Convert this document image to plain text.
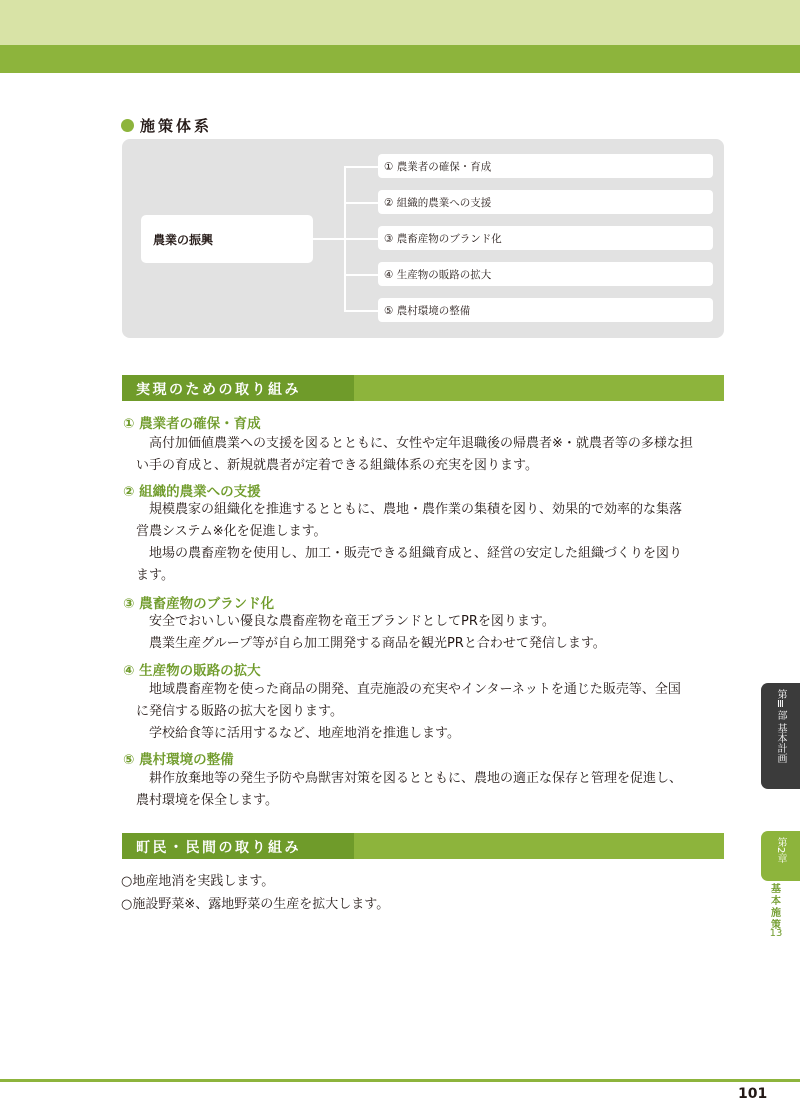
施策体系
農業の振興
① 農業者の確保・育成
② 組織的農業への支援
③ 農畜産物のブランド化
④ 生産物の販路の拡大
⑤ 農村環境の整備
実現のための取り組み
① 農業者の確保・育成
　高付加価値農業への支援を図るとともに、女性や定年退職後の帰農者※・就農者等の多様な担
い手の育成と、新規就農者が定着できる組織体系の充実を図ります。
② 組織的農業への支援
　規模農家の組織化を推進するとともに、農地・農作業の集積を図り、効果的で効率的な集落
営農システム※化を促進します。
　地場の農畜産物を使用し、加工・販売できる組織育成と、経営の安定した組織づくりを図り
ます。
③ 農畜産物のブランド化
　安全でおいしい優良な農畜産物を竜王ブランドとしてPRを図ります。
　農業生産グループ等が自ら加工開発する商品を観光PRと合わせて発信します。
④ 生産物の販路の拡大
　地域農畜産物を使った商品の開発、直売施設の充実やインターネットを通じた販売等、全国
に発信する販路の拡大を図ります。
　学校給食等に活用するなど、地産地消を推進します。
⑤ 農村環境の整備
　耕作放棄地等の発生予防や鳥獣害対策を図るとともに、農地の適正な保存と管理を促進し、
農村環境を保全します。
町民・民間の取り組み
○地産地消を実践します。
○施設野菜※、露地野菜の生産を拡大します。
第Ⅲ部 基本計画
第2章
基本施策
13
101
